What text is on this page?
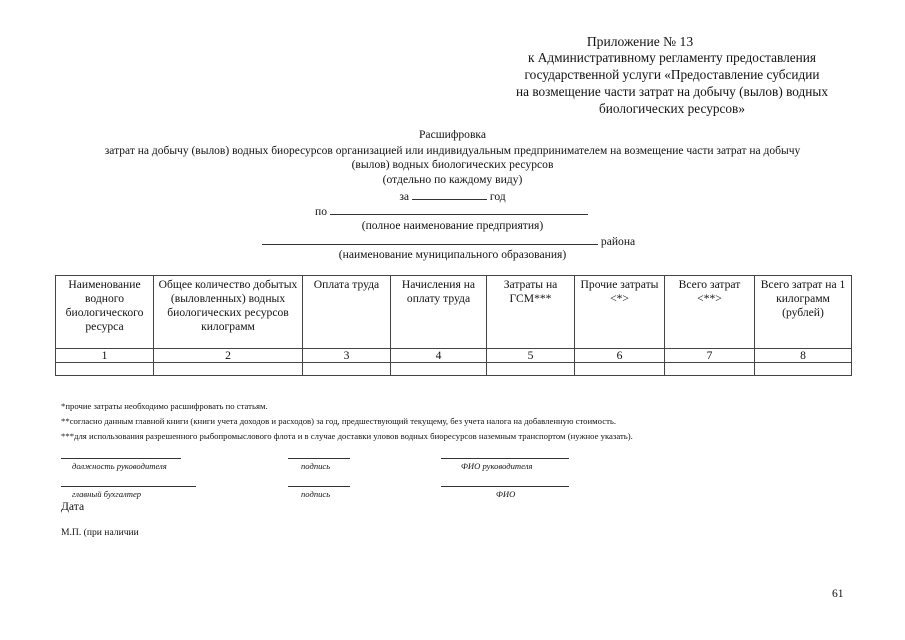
Приложение № 13
к Административному регламенту предоставления
государственной услуги «Предоставление субсидии
на возмещение части затрат на добычу (вылов) водных
биологических ресурсов»
Расшифровка
затрат на добычу (вылов) водных биоресурсов организацией или индивидуальным предпринимателем на возмещение части затрат на добычу
(вылов) водных биологических ресурсов
(отдельно по каждому виду)
за	год
по
(полное наименование предприятия)
района
(наименование муниципального образования)
Наименование водного биологического ресурса	Общее количество добытых (выловленных) водных биологических ресурсов килограмм	Оплата труда	Начисления на оплату труда	Затраты на ГСМ***	Прочие затраты <*>	Всего затрат <**>	Всего затрат на 1 килограмм (рублей)
1	2	3	4	5	6	7	8

*прочие затраты необходимо расшифровать по статьям.
**согласно данным главной книги (книги учета доходов и расходов) за год, предшествующий текущему, без учета налога на добавленную стоимость.
***для использования разрешенного рыбопромыслового флота и в случае доставки уловов водных биоресурсов наземным транспортом (нужное указать).
должность руководителя	подпись	ФИО руководителя
главный бухгалтер	подпись	ФИО
Дата
М.П. (при наличии
61
